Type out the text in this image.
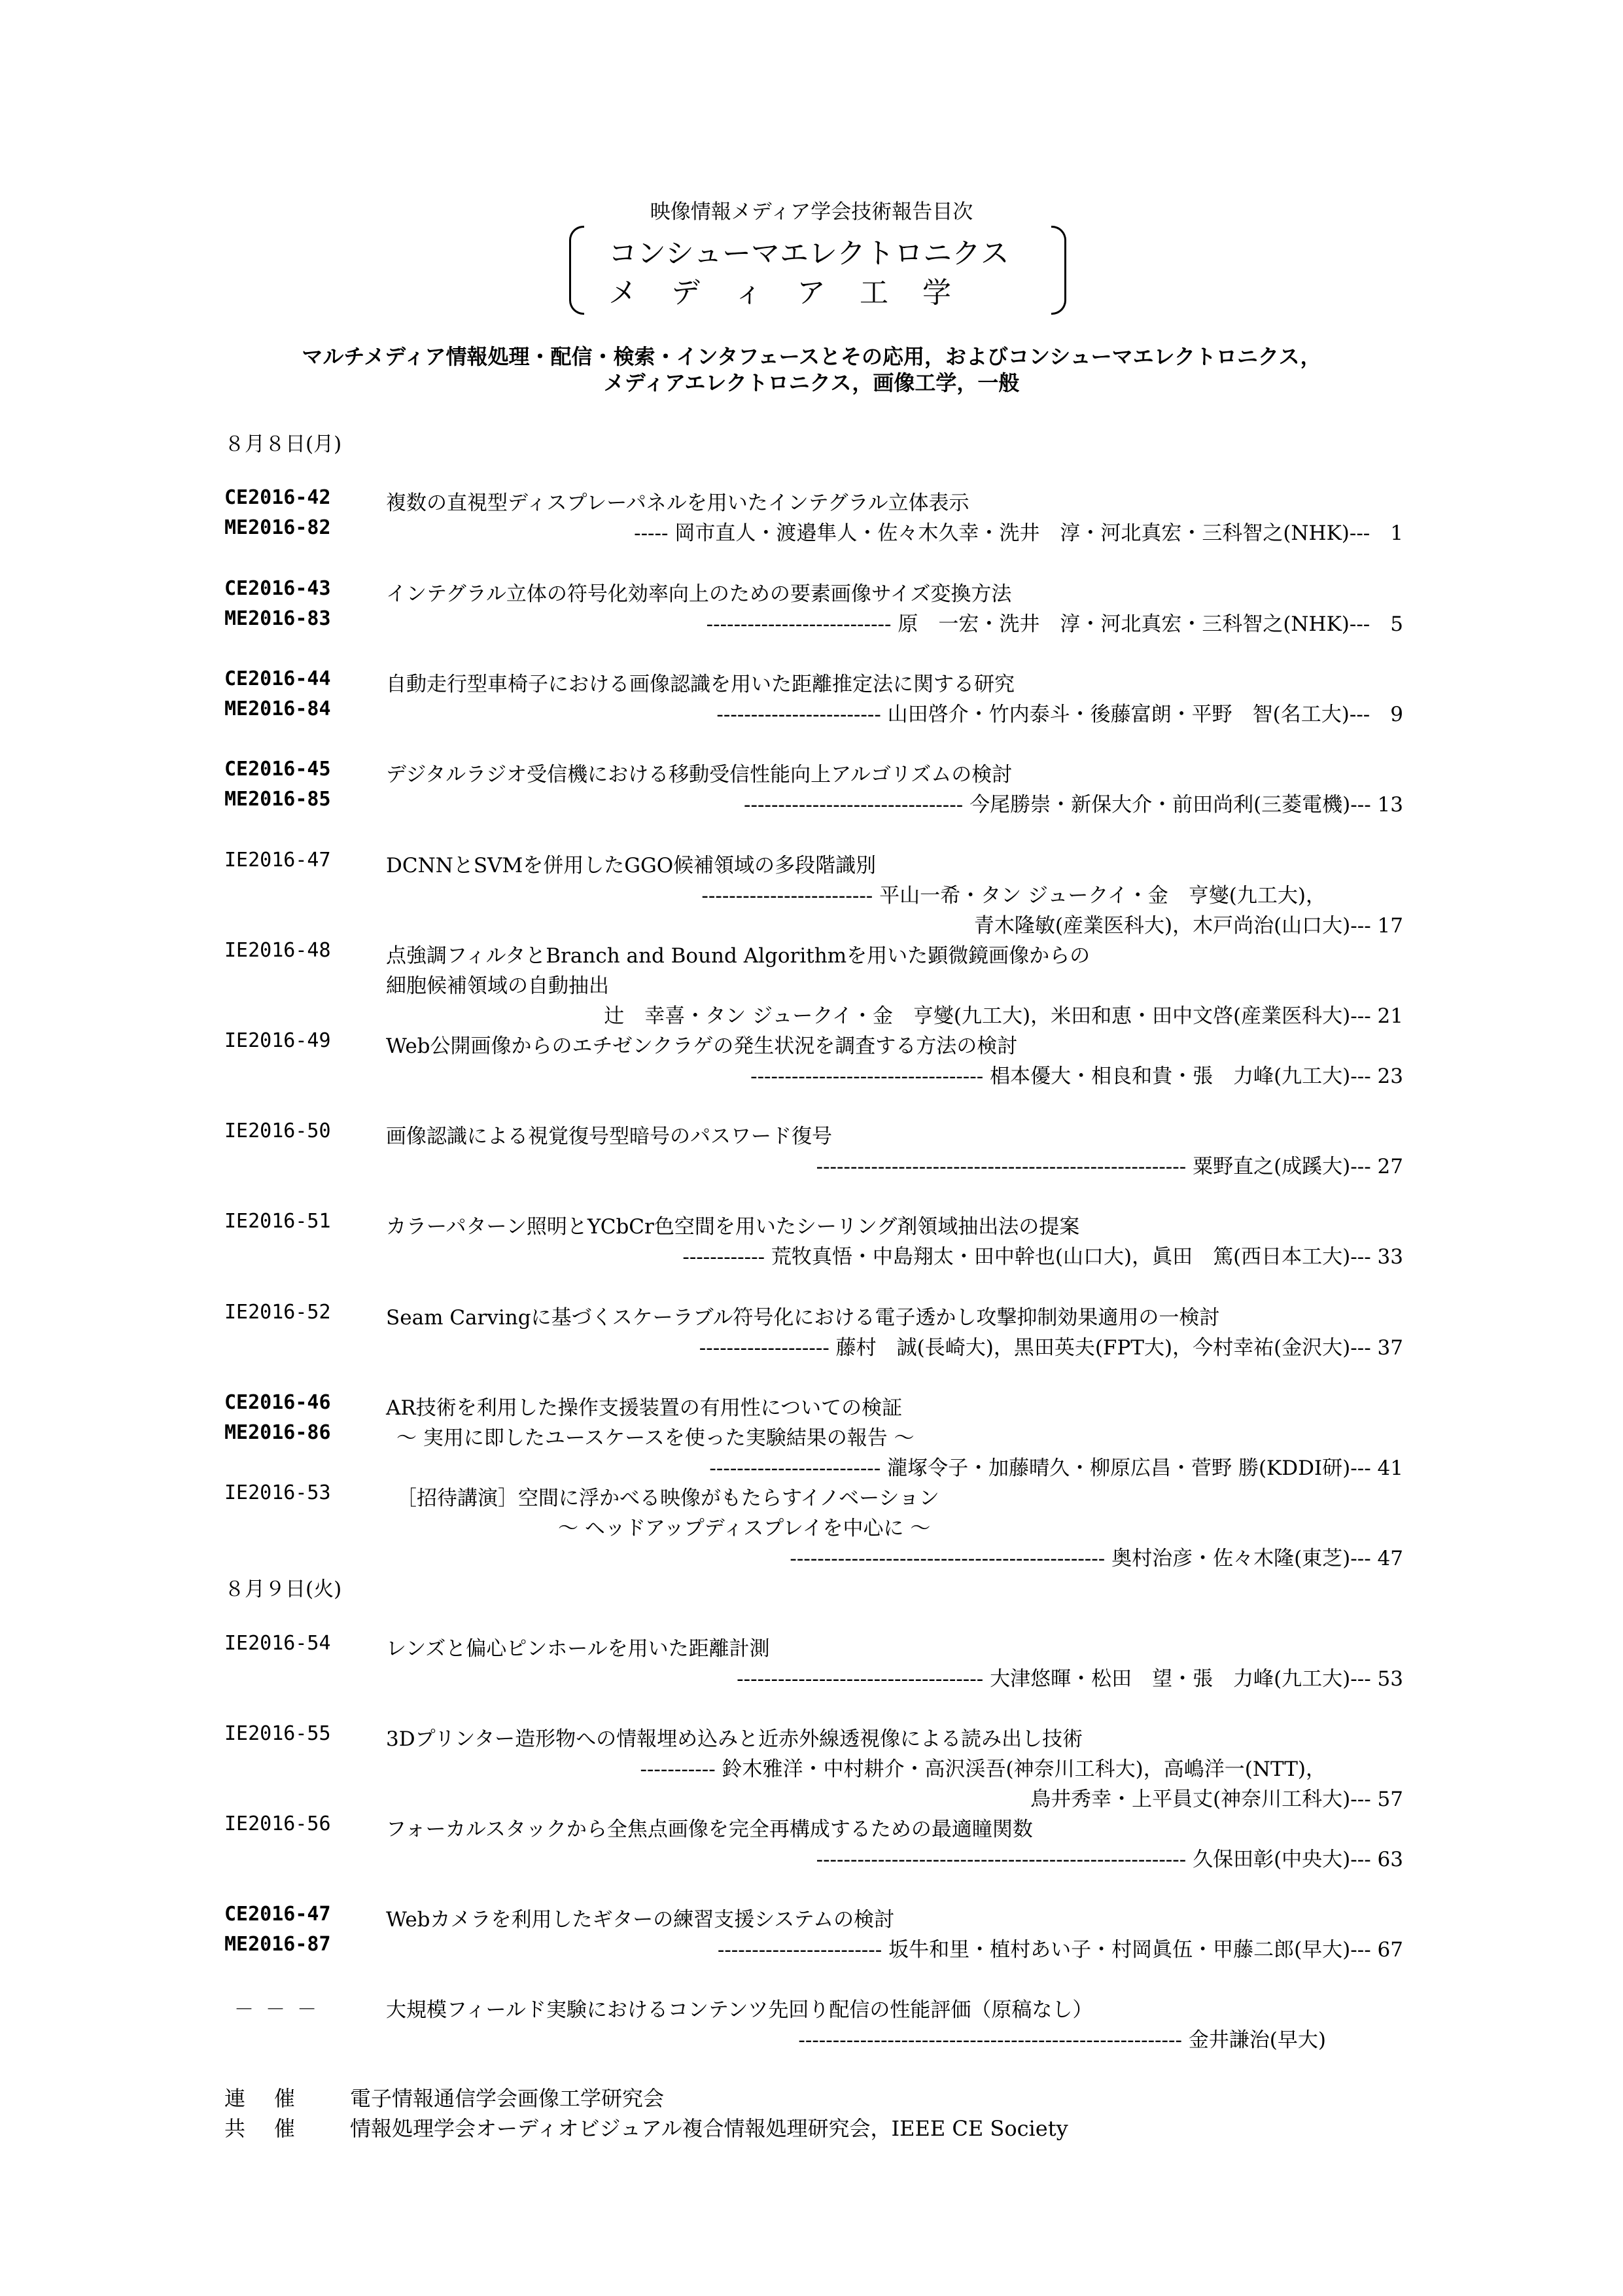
映像情報メディア学会技術報告目次
コンシューマエレクトロニクス
メ デ ィ ア 工 学
マルチメディア情報処理・配信・検索・インタフェースとその応用，およびコンシューマエレクトロニクス，
メディアエレクトロニクス，画像工学，一般
８月８日(月)
CE2016-42
ME2016-82
複数の直視型ディスプレーパネルを用いたインテグラル立体表示
----- 岡市直人・渡邉隼人・佐々木久幸・洗井　淳・河北真宏・三科智之(NHK)---　1
CE2016-43
ME2016-83
インテグラル立体の符号化効率向上のための要素画像サイズ変換方法
--------------------------- 原　一宏・洗井　淳・河北真宏・三科智之(NHK)---　5
CE2016-44
ME2016-84
自動走行型車椅子における画像認識を用いた距離推定法に関する研究
------------------------ 山田啓介・竹内泰斗・後藤富朗・平野　智(名工大)---　9
CE2016-45
ME2016-85
デジタルラジオ受信機における移動受信性能向上アルゴリズムの検討
-------------------------------- 今尾勝崇・新保大介・前田尚利(三菱電機)--- 13
IE2016-47	DCNNとSVMを併用したGGO候補領域の多段階識別
------------------------- 平山一希・タン ジュークイ・金　亨燮(九工大)，
青木隆敏(産業医科大)，木戸尚治(山口大)--- 17
IE2016-48	点強調フィルタとBranch and Bound Algorithmを用いた顕微鏡画像からの
細胞候補領域の自動抽出
辻　幸喜・タン ジュークイ・金　亨燮(九工大)，米田和恵・田中文啓(産業医科大)--- 21
IE2016-49	Web公開画像からのエチゼンクラゲの発生状況を調査する方法の検討
---------------------------------- 椙本優大・相良和貴・張　力峰(九工大)--- 23
IE2016-50	画像認識による視覚復号型暗号のパスワード復号
------------------------------------------------------ 粟野直之(成蹊大)--- 27
IE2016-51	カラーパターン照明とYCbCr色空間を用いたシーリング剤領域抽出法の提案
------------ 荒牧真悟・中島翔太・田中幹也(山口大)，眞田　篤(西日本工大)--- 33
IE2016-52	Seam Carvingに基づくスケーラブル符号化における電子透かし攻撃抑制効果適用の一検討
------------------- 藤村　誠(長崎大)，黒田英夫(FPT大)，今村幸祐(金沢大)--- 37
CE2016-46
ME2016-86
AR技術を利用した操作支援装置の有用性についての検証
～ 実用に即したユースケースを使った実験結果の報告 ～
------------------------- 瀧塚令子・加藤晴久・柳原広昌・菅野 勝(KDDI研)--- 41
IE2016-53	［招待講演］空間に浮かべる映像がもたらすイノベーション
～ ヘッドアップディスプレイを中心に ～
---------------------------------------------- 奥村治彦・佐々木隆(東芝)--- 47
８月９日(火)
IE2016-54	レンズと偏心ピンホールを用いた距離計測
------------------------------------ 大津悠暉・松田　望・張　力峰(九工大)--- 53
IE2016-55	3Dプリンター造形物への情報埋め込みと近赤外線透視像による読み出し技術
----------- 鈴木雅洋・中村耕介・高沢渓吾(神奈川工科大)，高嶋洋一(NTT)，
鳥井秀幸・上平員丈(神奈川工科大)--- 57
IE2016-56	フォーカルスタックから全焦点画像を完全再構成するための最適瞳関数
------------------------------------------------------ 久保田彰(中央大)--- 63
CE2016-47
ME2016-87
Webカメラを利用したギターの練習支援システムの検討
------------------------ 坂牛和里・植村あい子・村岡眞伍・甲藤二郎(早大)--- 67
－ － －	大規模フィールド実験におけるコンテンツ先回り配信の性能評価（原稿なし）
-------------------------------------------------------- 金井謙治(早大)
連 催	電子情報通信学会画像工学研究会
共 催	情報処理学会オーディオビジュアル複合情報処理研究会，IEEE CE Society
